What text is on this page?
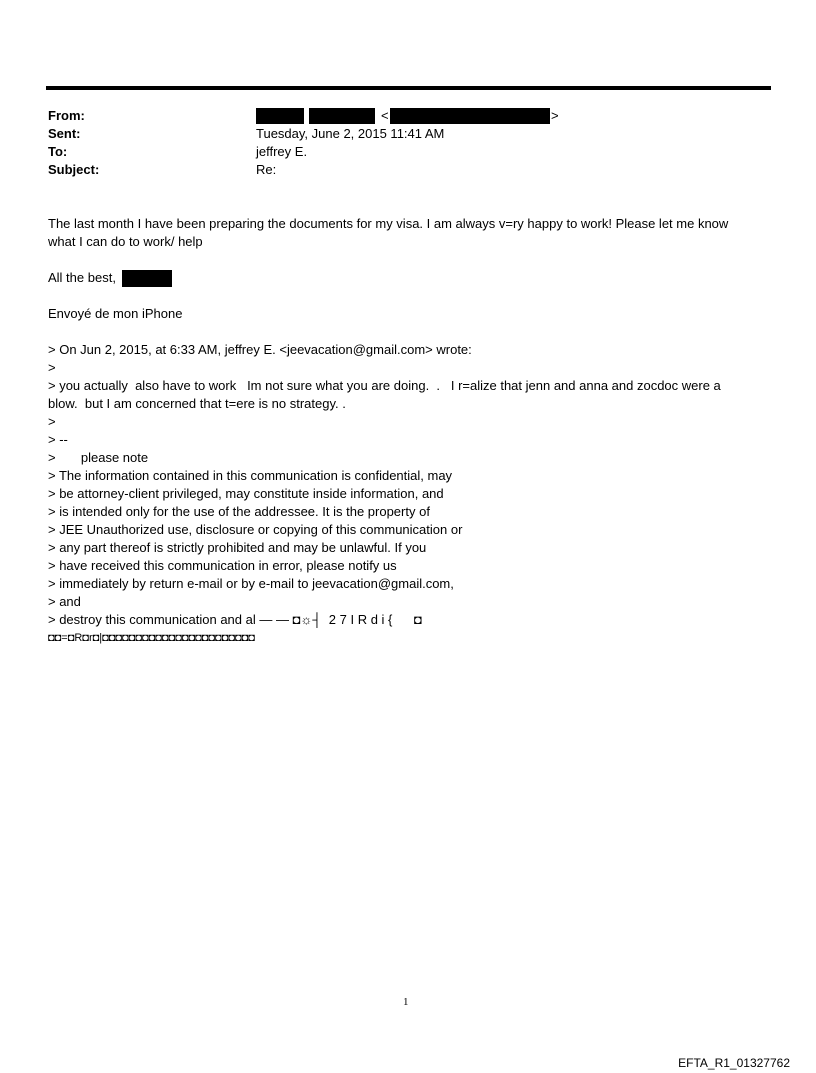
From:
Sent:
To:
Subject:
<	>
Tuesday, June 2, 2015 11:41 AM
jeffrey E.
Re:
The last month I have been preparing the documents for my visa. I am always v=ry happy to work! Please let me know
what I can do to work/ help
All the best,
Envoyé de mon iPhone
> On Jun 2, 2015, at 6:33 AM, jeffrey E. <jeevacation@gmail.com> wrote:
>
> you actually  also have to work   Im not sure what you are doing.  .   I r=alize that jenn and anna and zocdoc were a
blow.  but I am concerned that t=ere is no strategy. .
>
> --
>       please note
> The information contained in this communication is confidential, may
> be attorney-client privileged, may constitute inside information, and
> is intended only for the use of the addressee. It is the property of
> JEE Unauthorized use, disclosure or copying of this communication or
> any part thereof is strictly prohibited and may be unlawful. If you
> have received this communication in error, please notify us
> immediately by return e-mail or by e-mail to jeevacation@gmail.com,
> and
> destroy this communication and al — — ◘☼┤  2 7 I R d i {      ◘
◘◘=◘R◘r◘|◘◘◘◘◘◘◘◘◘◘◘◘◘◘◘◘◘◘◘◘◘◘◘
1
EFTA_R1_01327762
